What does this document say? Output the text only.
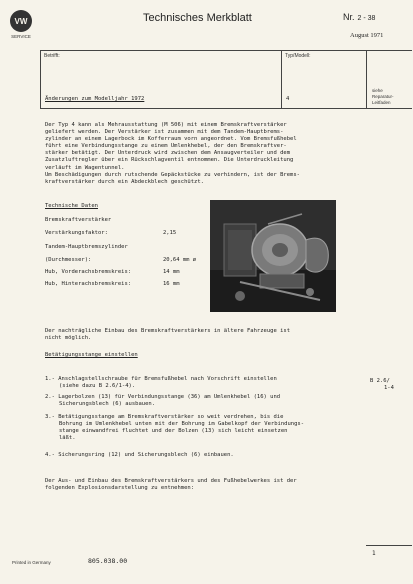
VW
SERVICE
Technisches Merkblatt	Nr. 2 - 38
August 1971
Betrifft:	Typ/Modell:
Änderungen zum Modelljahr 1972	4
siehe
Reparatur-
Leitfaden
Der Typ 4 kann als Mehrausstattung (M 506) mit einem Bremskraftverstärker
geliefert werden. Der Verstärker ist zusammen mit dem Tandem-Hauptbrems-
zylinder an einem Lagerbock im Kofferraum vorn angeordnet. Vom Bremsfußhebel
führt eine Verbindungsstange zu einem Umlenkhebel, der den Bremskraftver-
stärker betätigt. Der Unterdruck wird zwischen dem Ansaugverteiler und dem
Zusatzluftregler über ein Rückschlagventil entnommen. Die Unterdruckleitung
verläuft im Wagentunnel.
Um Beschädigungen durch rutschende Gepäckstücke zu verhindern, ist der Brems-
kraftverstärker durch ein Abdeckblech geschützt.
Technische Daten
Bremskraftverstärker
Verstärkungsfaktor:	2,15
Tandem-Hauptbremszylinder
(Durchmesser):	20,64 mm ø
Hub, Vorderachsbremskreis:	14 mm
Hub, Hinterachsbremskreis:	16 mm
Der nachträgliche Einbau des Bremskraftverstärkers in ältere Fahrzeuge ist
nicht möglich.
Betätigungsstange einstellen
1.- Anschlagstellschraube für Bremsfußhebel nach Vorschrift einstellen
(siehe dazu B 2.6/1-4).
B 2.6/
1-4
2.- Lagerbolzen (13) für Verbindungsstange (36) am Umlenkhebel (16) und
Sicherungsblech (6) ausbauen.
3.- Betätigungsstange am Bremskraftverstärker so weit verdrehen, bis die
Bohrung im Umlenkhebel unten mit der Bohrung im Gabelkopf der Verbindungs-
stange einwandfrei fluchtet und der Bolzen (13) sich leicht einsetzen
läßt.
4.- Sicherungsring (12) und Sicherungsblech (6) einbauen.
Der Aus- und Einbau des Bremskraftverstärkers und des Fußhebelwerkes ist der
folgenden Explosionsdarstellung zu entnehmen:
1
Printed in Germany	805.038.00
